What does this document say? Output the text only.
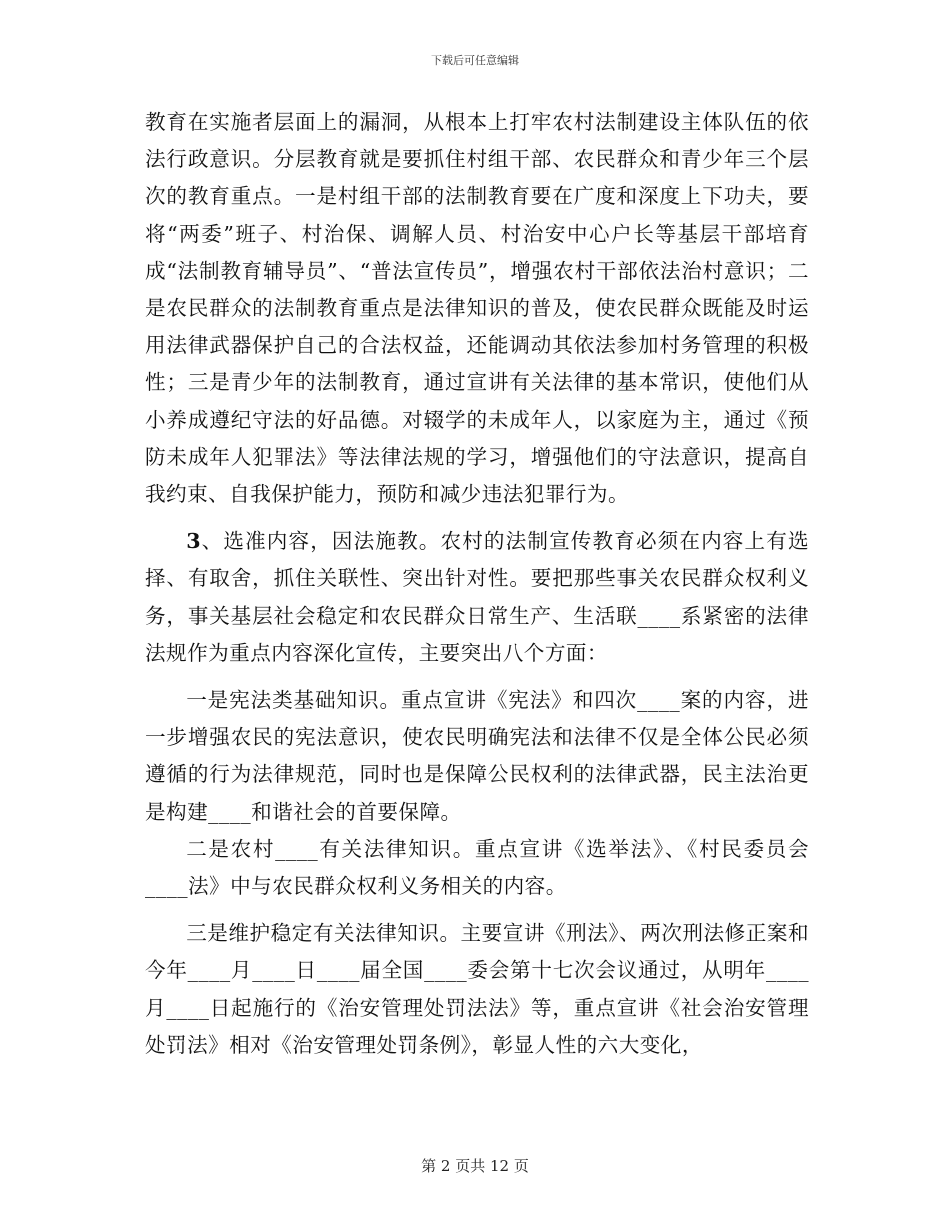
下载后可任意编辑

教育在实施者层面上的漏洞，从根本上打牢农村法制建设主体队伍的依法行政意识。分层教育就是要抓住村组干部、农民群众和青少年三个层次的教育重点。一是村组干部的法制教育要在广度和深度上下功夫，要将“两委”班子、村治保、调解人员、村治安中心户长等基层干部培育成“法制教育辅导员”、“普法宣传员”，增强农村干部依法治村意识；二是农民群众的法制教育重点是法律知识的普及，使农民群众既能及时运用法律武器保护自己的合法权益，还能调动其依法参加村务管理的积极性；三是青少年的法制教育，通过宣讲有关法律的基本常识，使他们从小养成遵纪守法的好品德。对辍学的未成年人，以家庭为主，通过《预防未成年人犯罪法》等法律法规的学习，增强他们的守法意识，提高自我约束、自我保护能力，预防和减少违法犯罪行为。

3、选准内容，因法施教。农村的法制宣传教育必须在内容上有选择、有取舍，抓住关联性、突出针对性。要把那些事关农民群众权利义务，事关基层社会稳定和农民群众日常生产、生活联____系紧密的法律法规作为重点内容深化宣传，主要突出八个方面：

一是宪法类基础知识。重点宣讲《宪法》和四次____案的内容，进一步增强农民的宪法意识，使农民明确宪法和法律不仅是全体公民必须遵循的行为法律规范，同时也是保障公民权利的法律武器，民主法治更是构建____和谐社会的首要保障。

二是农村____有关法律知识。重点宣讲《选举法》、《村民委员会____法》中与农民群众权利义务相关的内容。

三是维护稳定有关法律知识。主要宣讲《刑法》、两次刑法修正案和今年____月____日____届全国____委会第十七次会议通过，从明年____月____日起施行的《治安管理处罚法法》等，重点宣讲《社会治安管理处罚法》相对《治安管理处罚条例》，彰显人性的六大变化，

第 2 页共 12 页
